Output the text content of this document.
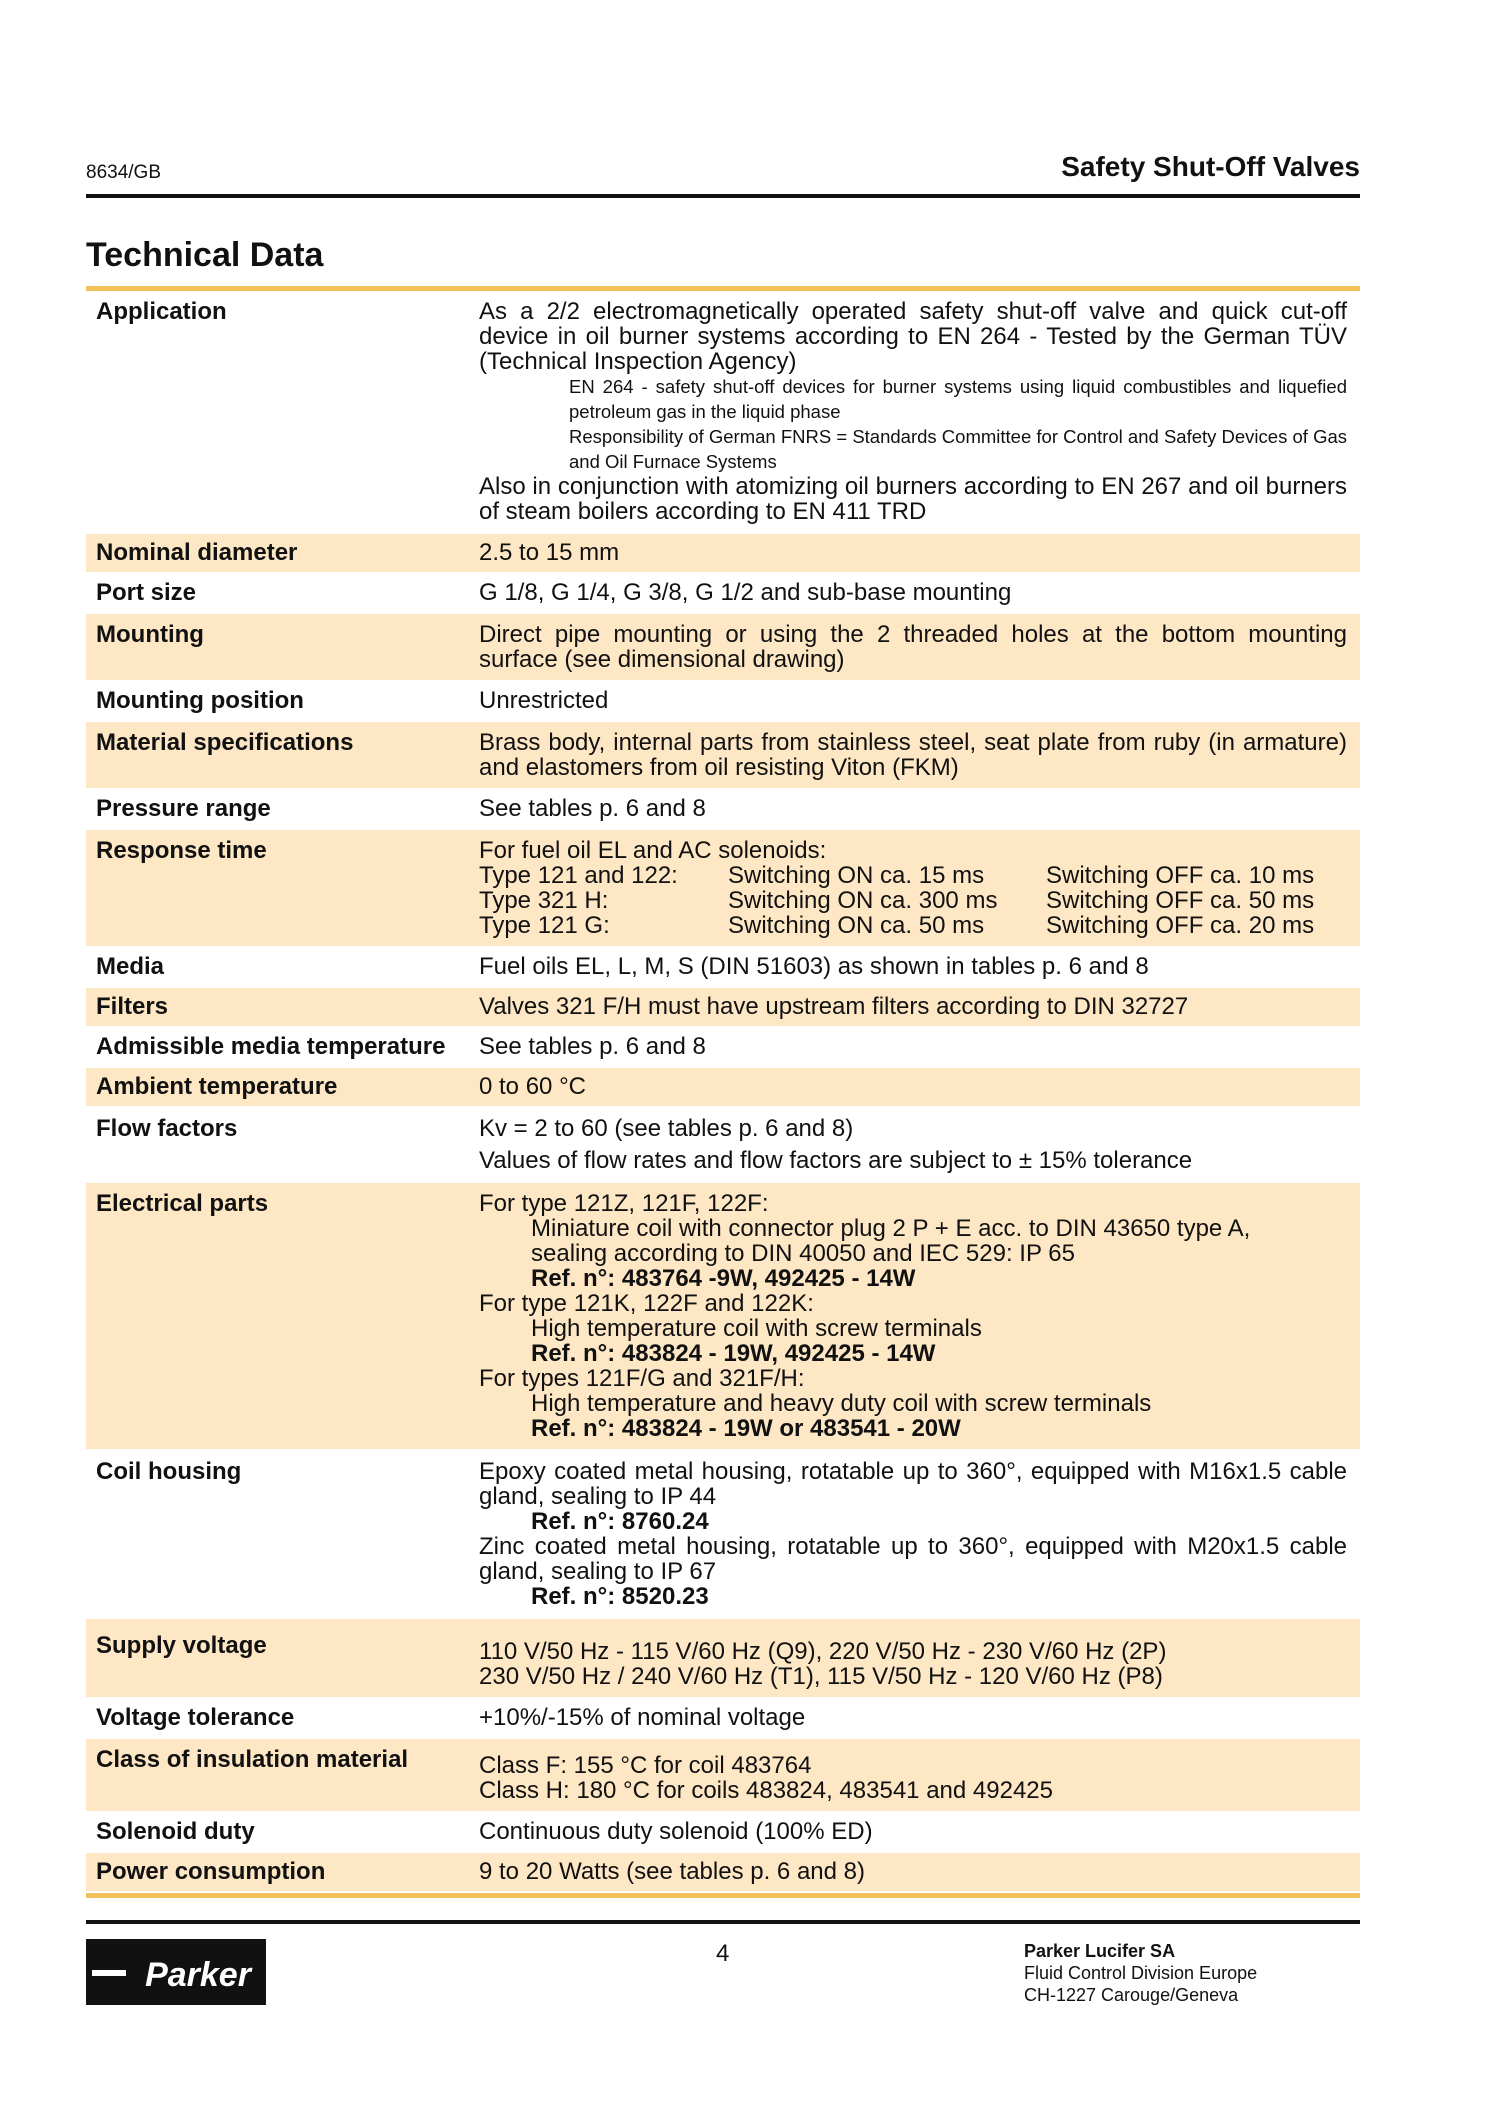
8634/GB	Safety Shut-Off Valves
Technical Data
Application	As a 2/2 electromagnetically operated safety shut-off valve and quick cut-off device in oil burner systems according to EN 264 - Tested by the German TÜV (Technical Inspection Agency)
EN 264 - safety shut-off devices for burner systems using liquid combustibles and liquefied petroleum gas in the liquid phase
Responsibility of German FNRS = Standards Committee for Control and Safety Devices of Gas and Oil Furnace Systems
Also in conjunction with atomizing oil burners according to EN 267 and oil burners of steam boilers according to EN 411 TRD
Nominal diameter	2.5 to 15 mm
Port size	G 1/8, G 1/4, G 3/8, G 1/2 and sub-base mounting
Mounting	Direct pipe mounting or using the 2 threaded holes at the bottom mounting surface (see dimensional drawing)
Mounting position	Unrestricted
Material specifications	Brass body, internal parts from stainless steel, seat plate from ruby (in armature) and elastomers from oil resisting Viton (FKM)
Pressure range	See tables p. 6 and 8
Response time	For fuel oil EL and AC solenoids:
Type 121 and 122:	Switching ON ca. 15 ms	Switching OFF ca. 10 ms
Type 321 H:	Switching ON ca. 300 ms	Switching OFF ca. 50 ms
Type 121 G:	Switching ON ca. 50 ms	Switching OFF ca. 20 ms
Media	Fuel oils EL, L, M, S (DIN 51603) as shown in tables p. 6 and 8
Filters	Valves 321 F/H must have upstream filters according to DIN 32727
Admissible media temperature	See tables p. 6 and 8
Ambient temperature	0 to 60 °C
Flow factors	Kv = 2 to 60 (see tables p. 6 and 8)
Values of flow rates and flow factors are subject to ± 15% tolerance
Electrical parts	For type 121Z, 121F, 122F:
Miniature coil with connector plug 2 P + E acc. to DIN 43650 type A,
sealing according to DIN 40050 and IEC 529: IP 65
Ref. n°: 483764 -9W, 492425 - 14W
For type 121K, 122F and 122K:
High temperature coil with screw terminals
Ref. n°: 483824 - 19W, 492425 - 14W
For types 121F/G and 321F/H:
High temperature and heavy duty coil with screw terminals
Ref. n°: 483824 - 19W or 483541 - 20W
Coil housing	Epoxy coated metal housing, rotatable up to 360°, equipped with M16x1.5 cable gland, sealing to IP 44
Ref. n°: 8760.24
Zinc coated metal housing, rotatable up to 360°, equipped with M20x1.5 cable gland, sealing to IP 67
Ref. n°: 8520.23
Supply voltage	110 V/50 Hz - 115 V/60 Hz (Q9), 220 V/50 Hz - 230 V/60 Hz (2P)
230 V/50 Hz / 240 V/60 Hz (T1), 115 V/50 Hz - 120 V/60 Hz (P8)
Voltage tolerance	+10%/-15% of nominal voltage
Class of insulation material	Class F: 155 °C for coil 483764
Class H: 180 °C for coils 483824, 483541 and 492425
Solenoid duty	Continuous duty solenoid (100% ED)
Power consumption	9 to 20 Watts (see tables p. 6 and 8)
Parker
4	Parker Lucifer SA
Fluid Control Division Europe
CH-1227 Carouge/Geneva
